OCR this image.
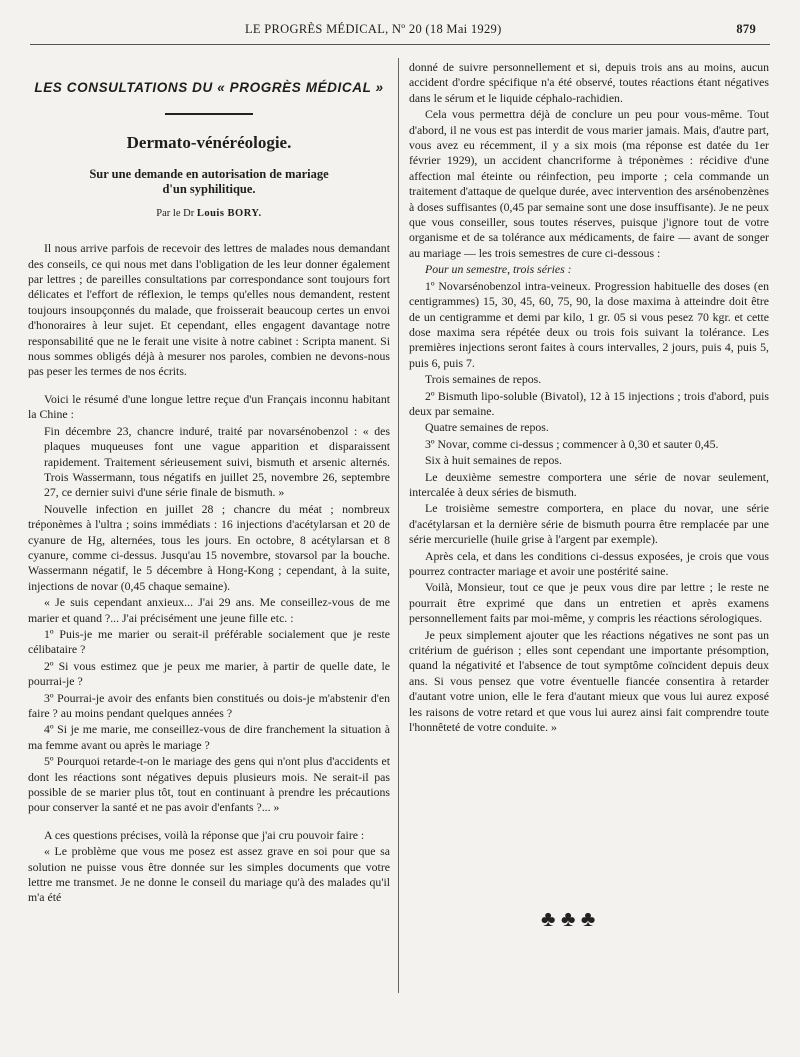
LE PROGRÈS MÉDICAL, Nº 20 (18 Mai 1929)	879
LES CONSULTATIONS DU « PROGRÈS MÉDICAL »
Dermato-vénéréologie.
Sur une demande en autorisation de mariage
d'un syphilitique.
Par le Dr Louis BORY.

Il nous arrive parfois de recevoir des lettres de malades nous demandant des conseils, ce qui nous met dans l'obligation de les leur donner également par lettres ; de pareilles consultations par correspondance sont toujours fort délicates et l'effort de réflexion, le temps qu'elles nous demandent, restent toujours insoupçonnés du malade, que froisserait beaucoup certes un envoi d'honoraires à leur sujet. Et cependant, elles engagent davantage notre responsabilité que ne le ferait une visite à notre cabinet : Scripta manent. Si nous sommes obligés déjà à mesurer nos paroles, combien ne devons-nous pas peser les termes de nos écrits.

Voici le résumé d'une longue lettre reçue d'un Français inconnu habitant la Chine :

Fin décembre 23, chancre induré, traité par novarsénobenzol : « des plaques muqueuses font une vague apparition et disparaissent rapidement. Traitement sérieusement suivi, bismuth et arsenic alternés. Trois Wassermann, tous négatifs en juillet 25, novembre 26, septembre 27, ce dernier suivi d'une série finale de bismuth. »

Nouvelle infection en juillet 28 ; chancre du méat ; nombreux tréponèmes à l'ultra ; soins immédiats : 16 injections d'acétylarsan et 20 de cyanure de Hg, alternées, tous les jours. En octobre, 8 acétylarsan et 8 cyanure, comme ci-dessus. Jusqu'au 15 novembre, stovarsol par la bouche. Wassermann négatif, le 5 décembre à Hong-Kong ; cependant, à la suite, injections de novar (0,45 chaque semaine).

« Je suis cependant anxieux... J'ai 29 ans. Me conseillez-vous de me marier et quand ?... J'ai précisément une jeune fille etc. :

1º Puis-je me marier ou serait-il préférable socialement que je reste célibataire ?

2º Si vous estimez que je peux me marier, à partir de quelle date, le pourrai-je ?

3º Pourrai-je avoir des enfants bien constitués ou dois-je m'abstenir d'en faire ? au moins pendant quelques années ?

4º Si je me marie, me conseillez-vous de dire franchement la situation à ma femme avant ou après le mariage ?

5º Pourquoi retarde-t-on le mariage des gens qui n'ont plus d'accidents et dont les réactions sont négatives depuis plusieurs mois. Ne serait-il pas possible de se marier plus tôt, tout en continuant à prendre les précautions pour conserver la santé et ne pas avoir d'enfants ?... »

A ces questions précises, voilà la réponse que j'ai cru pouvoir faire :

« Le problème que vous me posez est assez grave en soi pour que sa solution ne puisse vous être donnée sur les simples documents que votre lettre me transmet. Je ne donne le conseil du mariage qu'à des malades qu'il m'a été

donné de suivre personnellement et si, depuis trois ans au moins, aucun accident d'ordre spécifique n'a été observé, toutes réactions étant négatives dans le sérum et le liquide céphalo-rachidien.

Cela vous permettra déjà de conclure un peu pour vous-même. Tout d'abord, il ne vous est pas interdit de vous marier jamais. Mais, d'autre part, vous avez eu récemment, il y a six mois (ma réponse est datée du 1er février 1929), un accident chancriforme à tréponèmes : récidive d'une affection mal éteinte ou réinfection, peu importe ; cela commande un traitement d'attaque de quelque durée, avec intervention des arsénobenzènes à doses suffisantes (0,45 par semaine sont une dose insuffisante). Je ne peux que vous conseiller, sous toutes réserves, puisque j'ignore tout de votre organisme et de sa tolérance aux médicaments, de faire — avant de songer au mariage — les trois semestres de cure ci-dessous :

Pour un semestre, trois séries :

1º Novarsénobenzol intra-veineux. Progression habituelle des doses (en centigrammes) 15, 30, 45, 60, 75, 90, la dose maxima à atteindre doit être de un centigramme et demi par kilo, 1 gr. 05 si vous pesez 70 kgr. et cette dose maxima sera répétée deux ou trois fois suivant la tolérance. Les premières injections seront faites à cours intervalles, 2 jours, puis 4, puis 5, puis 6, puis 7.

Trois semaines de repos.

2º Bismuth lipo-soluble (Bivatol), 12 à 15 injections ; trois d'abord, puis deux par semaine.

Quatre semaines de repos.

3º Novar, comme ci-dessus ; commencer à 0,30 et sauter 0,45.

Six à huit semaines de repos.

Le deuxième semestre comportera une série de novar seulement, intercalée à deux séries de bismuth.

Le troisième semestre comportera, en place du novar, une série d'acétylarsan et la dernière série de bismuth pourra être remplacée par une série mercurielle (huile grise à l'argent par exemple).

Après cela, et dans les conditions ci-dessus exposées, je crois que vous pourrez contracter mariage et avoir une postérité saine.

Voilà, Monsieur, tout ce que je peux vous dire par lettre ; le reste ne pourrait être exprimé que dans un entretien et après examens personnellement faits par moi-même, y compris les réactions sérologiques.

Je peux simplement ajouter que les réactions négatives ne sont pas un critérium de guérison ; elles sont cependant une importante présomption, quand la négativité et l'absence de tout symptôme coïncident depuis deux ans. Si vous pensez que votre éventuelle fiancée consentira à retarder d'autant votre union, elle le fera d'autant mieux que vous lui aurez exposé les raisons de votre retard et que vous lui aurez ainsi fait comprendre toute l'honnêteté de votre conduite. »

♣ ♣ ♣
